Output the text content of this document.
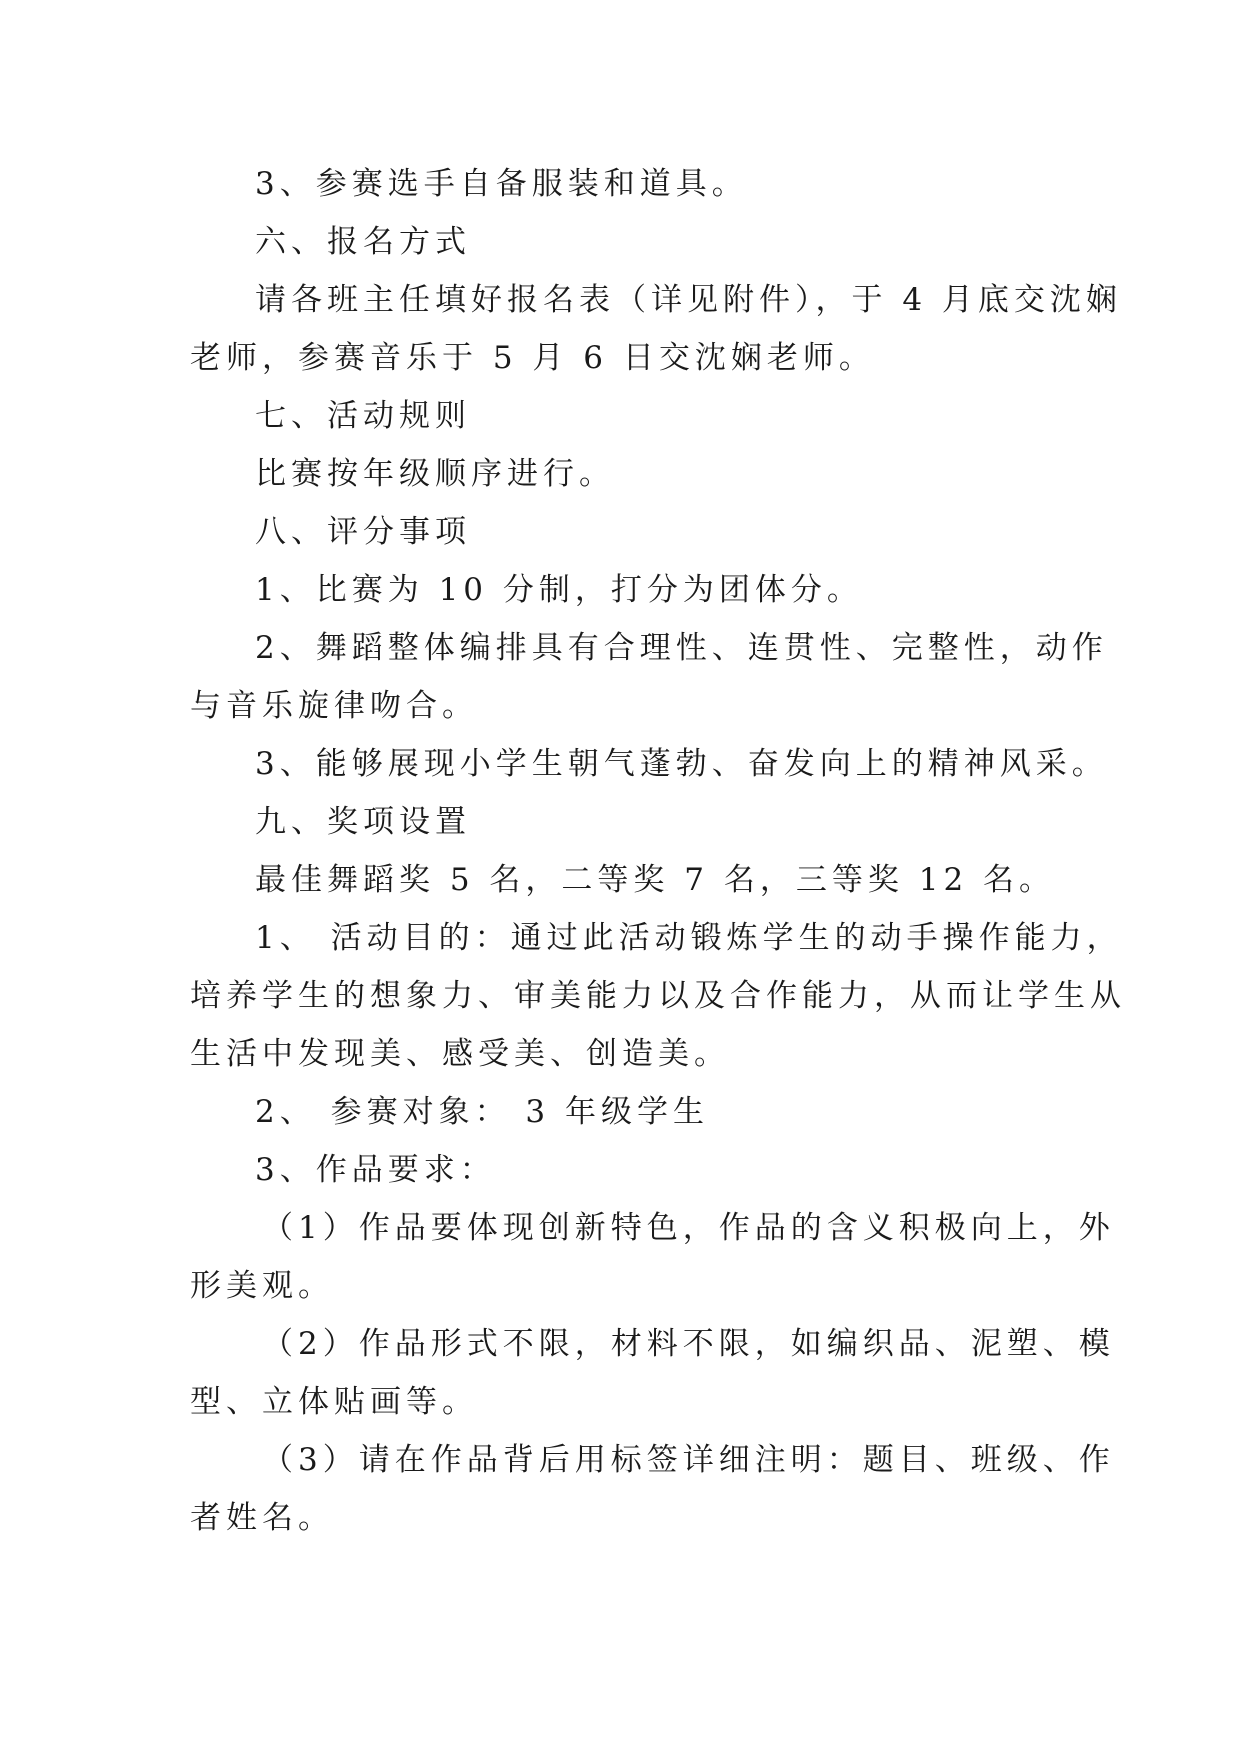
3、参赛选手自备服装和道具。
六、报名方式
请各班主任填好报名表（详见附件），于 4 月底交沈娴
老师，参赛音乐于 5 月 6 日交沈娴老师。
七、活动规则
比赛按年级顺序进行。
八、评分事项
1、比赛为 10 分制，打分为团体分。
2、舞蹈整体编排具有合理性、连贯性、完整性，动作
与音乐旋律吻合。
3、能够展现小学生朝气蓬勃、奋发向上的精神风采。
九、奖项设置
最佳舞蹈奖 5 名，二等奖 7 名，三等奖 12 名。
1、 活动目的：通过此活动锻炼学生的动手操作能力，
培养学生的想象力、审美能力以及合作能力，从而让学生从
生活中发现美、感受美、创造美。
2、 参赛对象： 3 年级学生
3、作品要求：
（1）作品要体现创新特色，作品的含义积极向上，外
形美观。
（2）作品形式不限，材料不限，如编织品、泥塑、模
型、立体贴画等。
（3）请在作品背后用标签详细注明：题目、班级、作
者姓名。
